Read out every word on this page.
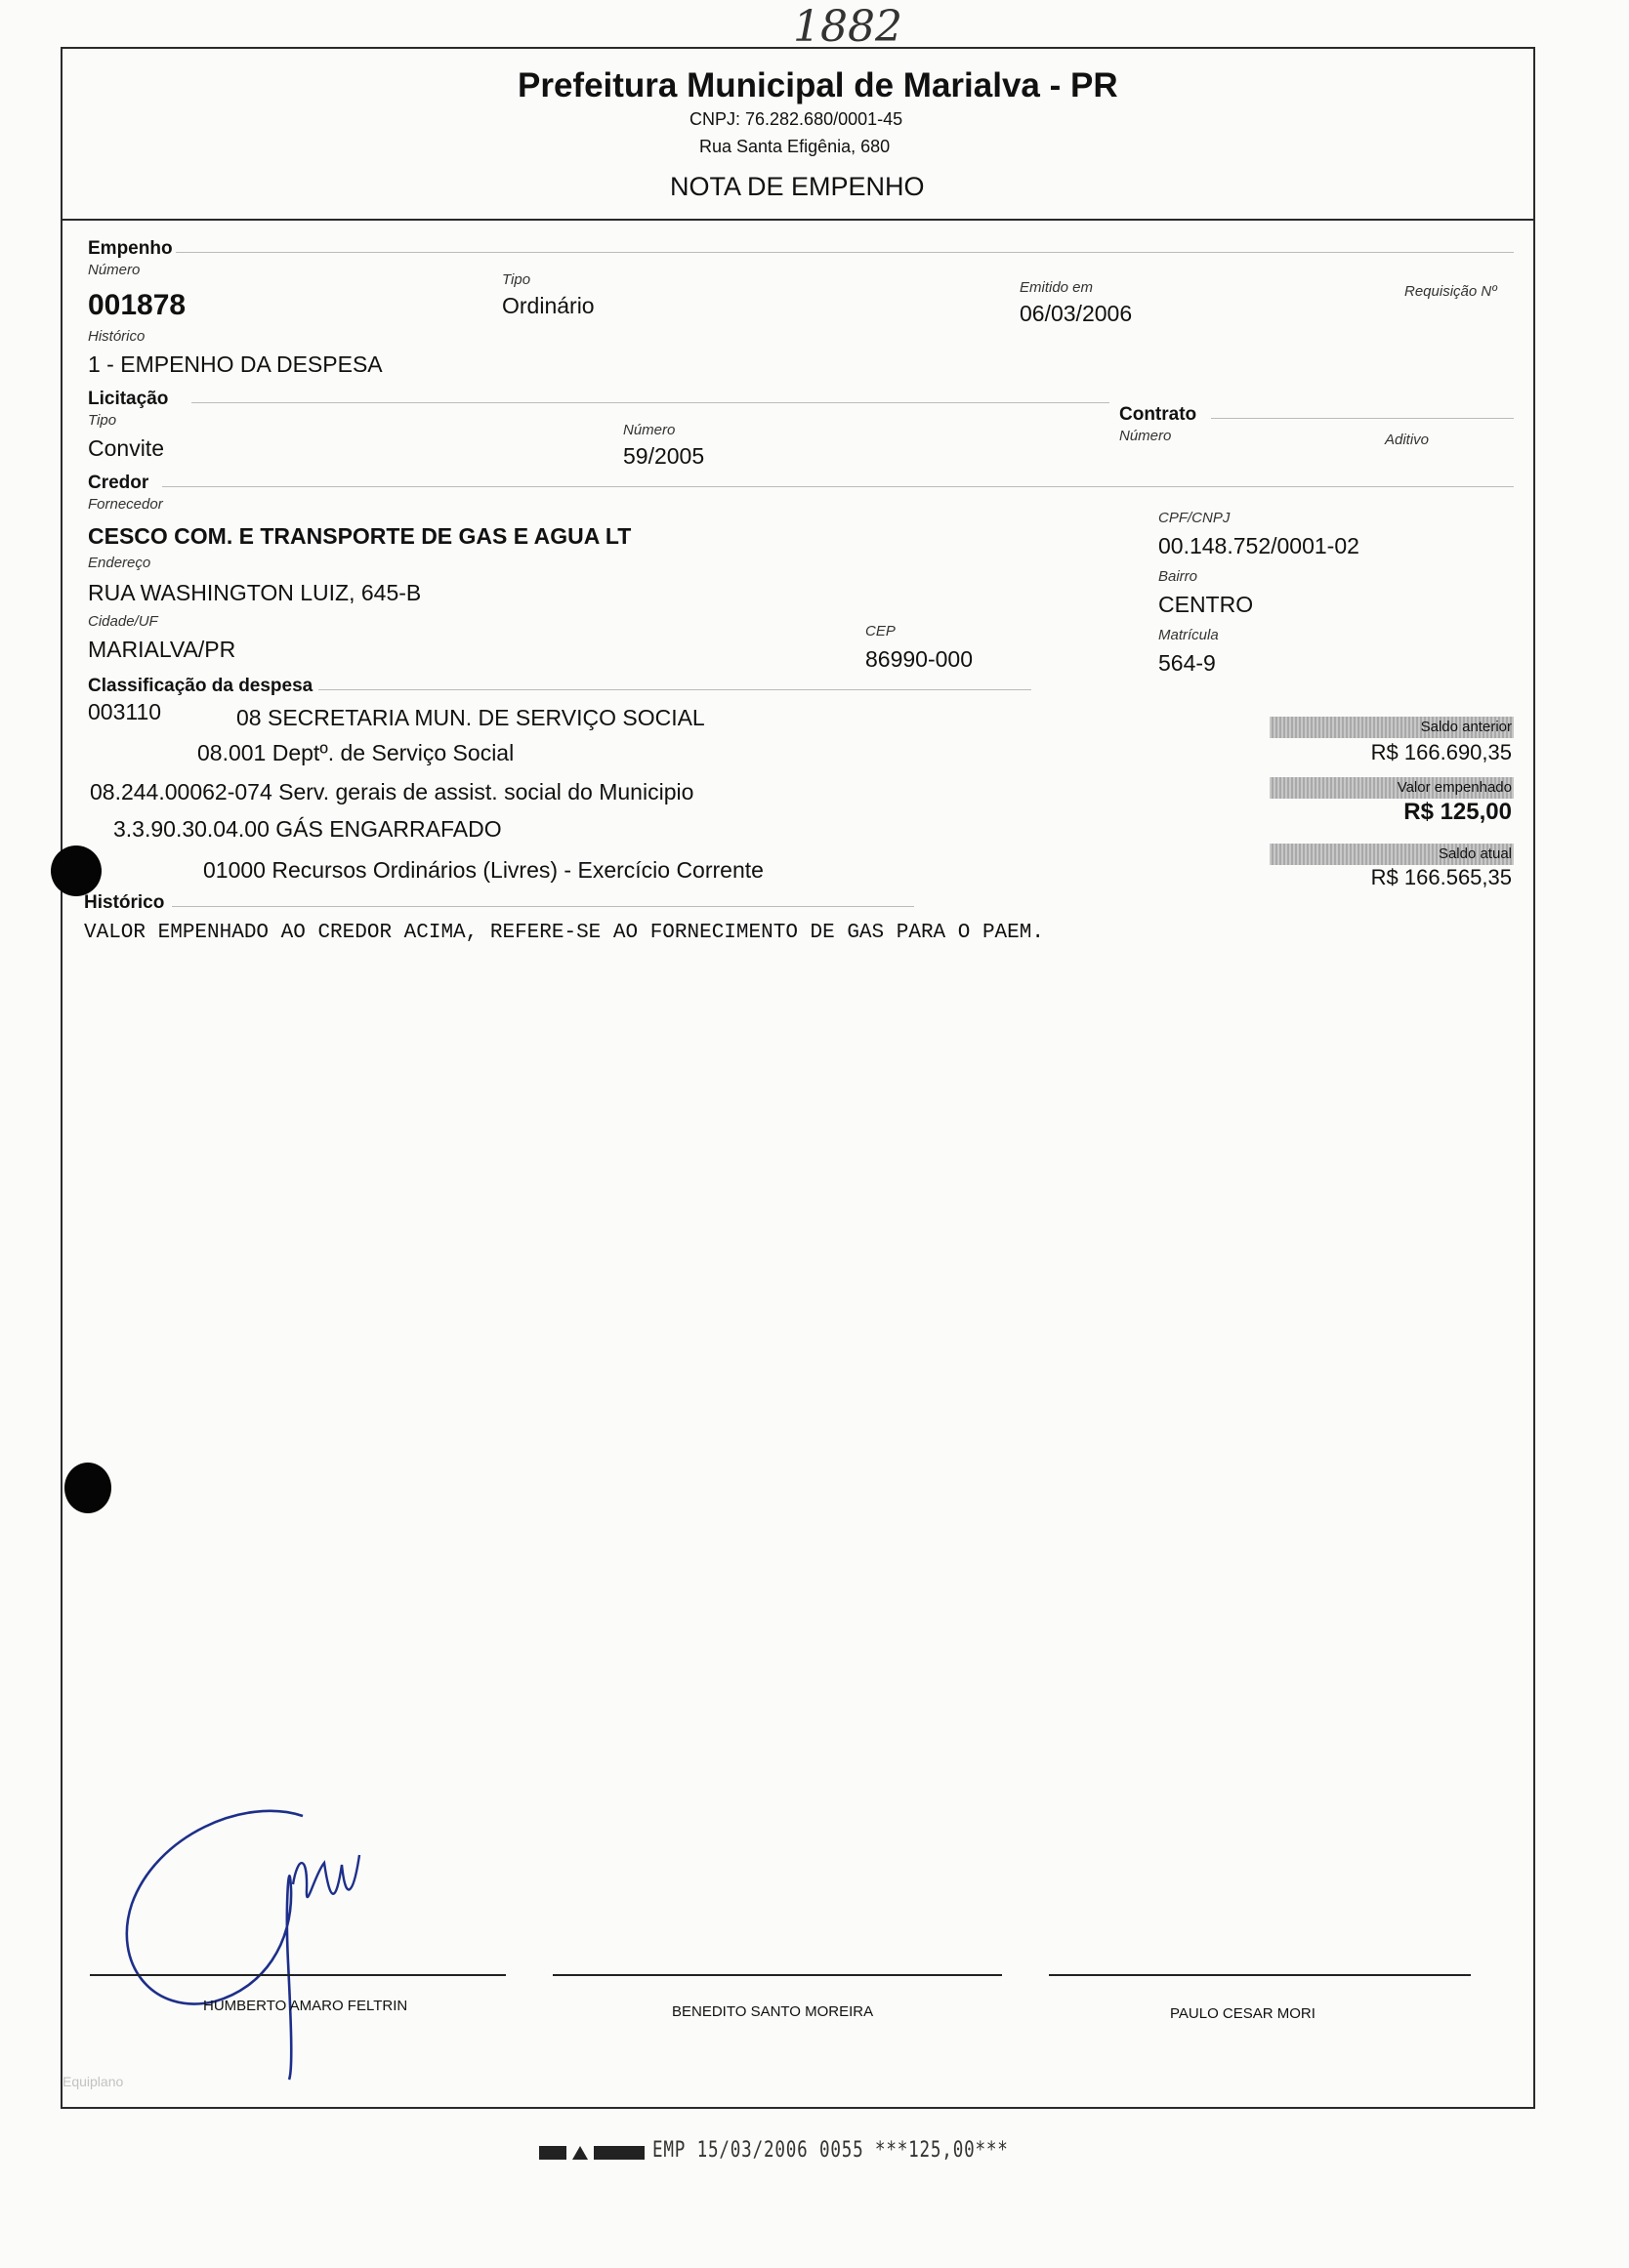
1882
Prefeitura Municipal de Marialva - PR
CNPJ: 76.282.680/0001-45
Rua Santa Efigênia, 680
NOTA DE EMPENHO
Empenho
Número
001878
Tipo
Ordinário
Emitido em
06/03/2006
Requisição Nº
Histórico
1 - EMPENHO DA DESPESA
Licitação
Tipo
Convite
Número
59/2005
Contrato
Número	Aditivo
Credor
Fornecedor
CESCO COM. E TRANSPORTE DE GAS E AGUA LT
CPF/CNPJ
00.148.752/0001-02
Endereço
RUA WASHINGTON LUIZ, 645-B
Bairro
CENTRO
Cidade/UF
MARIALVA/PR
CEP
86990-000
Matrícula
564-9
Classificação da despesa
003110	08 SECRETARIA MUN. DE SERVIÇO SOCIAL
08.001 Deptº. de Serviço Social
08.244.00062-074 Serv. gerais de assist. social do Municipio
3.3.90.30.04.00 GÁS ENGARRAFADO
01000 Recursos Ordinários (Livres) - Exercício Corrente
Saldo anterior
R$ 166.690,35
Valor empenhado
R$ 125,00
Saldo atual
R$ 166.565,35
Histórico
VALOR EMPENHADO AO CREDOR ACIMA, REFERE-SE AO FORNECIMENTO DE GAS PARA O PAEM.
HUMBERTO AMARO FELTRIN	BENEDITO SANTO MOREIRA	PAULO CESAR MORI
Equiplano
EMP 15/03/2006 0055 ***125,00***
